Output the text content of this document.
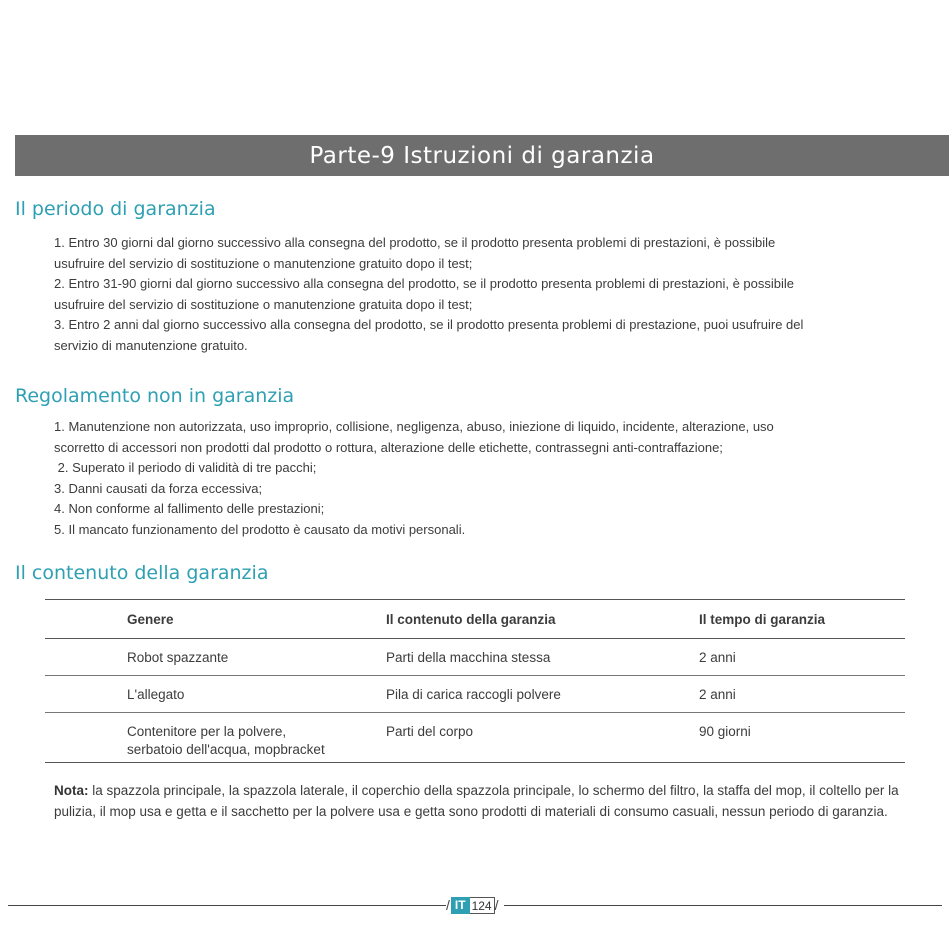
Parte-9 Istruzioni di garanzia
Il periodo di garanzia

1. Entro 30 giorni dal giorno successivo alla consegna del prodotto, se il prodotto presenta problemi di prestazioni, è possibile

usufruire del servizio di sostituzione o manutenzione gratuito dopo il test;

2. Entro 31-90 giorni dal giorno successivo alla consegna del prodotto, se il prodotto presenta problemi di prestazioni, è possibile

usufruire del servizio di sostituzione o manutenzione gratuita dopo il test;

3. Entro 2 anni dal giorno successivo alla consegna del prodotto, se il prodotto presenta problemi di prestazione, puoi usufruire del

servizio di manutenzione gratuito.

Regolamento non in garanzia

1. Manutenzione non autorizzata, uso improprio, collisione, negligenza, abuso, iniezione di liquido, incidente, alterazione, uso

scorretto di accessori non prodotti dal prodotto o rottura, alterazione delle etichette, contrassegni anti-contraffazione;

2. Superato il periodo di validità di tre pacchi;

3. Danni causati da forza eccessiva;

4. Non conforme al fallimento delle prestazioni;

5. Il mancato funzionamento del prodotto è causato da motivi personali.

Il contenuto della garanzia
	Genere	Il contenuto della garanzia	Il tempo di garanzia
	Robot spazzante	Parti della macchina stessa	2 anni
	L'allegato	Pila di carica raccogli polvere	2 anni

	Contenitore per la polvere,
serbatoio dell'acqua, mopbracket	Parti del corpo	90 giorni
Nota: la spazzola principale, la spazzola laterale, il coperchio della spazzola principale, lo schermo del filtro, la staffa del mop, il coltello per la pulizia, il mop usa e getta e il sacchetto per la polvere usa e getta sono prodotti di materiali di consumo casuali, nessun periodo di garanzia.
/ IT 124 /
